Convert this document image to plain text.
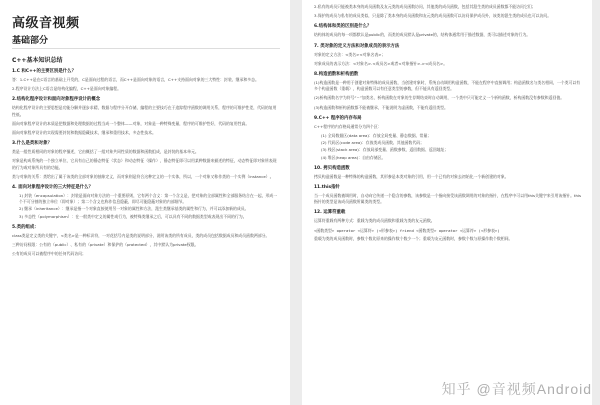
高级音视频
基础部分
C++基本知识总结
1.C 和C++的主要区别是什么？
答：1.C++是在C语言的基础上开发的，C是面向过程的语言，而C++是面向对象的语言，C++支持面向对象的三大特性：封装、继承和多态。
2.程序设计方法上C语言是结构化编程，C++是面向对象编程。
2.结构化程序设计和面向对象程序设计的概念
结构化程序设计的主要思想是功能分解并逐步求精，数据与程序分开存储，编程的主要技巧在于追踪程序函数的调用关系，程序的可维护性差，代码的复用性低。
面向对象程序设计的本质是把数据和处理数据的过程当成一个整体——对象，对象是一种特殊变量，程序的可维护性好，代码的复用性高。
面向对象程序设计的实现需要封装和数据隐藏技术，继承和重用技术，多态性技术。
3.什么是类和对象？
类是一组性质相同的对象的程序描述，它由概括了一组对象共同性质的数据和函数组成，是封装的基本单元。
对象是构成系统的一个独立单位，它具有自己的静态特征（状态）和动态特征（操作），静态特征即可以用某种数据来描述的特征，动态特征即对象所表现的行为或对象所具有的功能。
类与对象的关系：类给出了属于该类的全部对象的抽象定义，而对象则是符合这种定义的一个实体，所以，一个对象又称作类的一个实例（instance）。
4. 面向对象程序设计的三大特征是什么？
1) 封装（encapsulation）：封装是面向对象方法的一个重要原则，它有两个含义：第一个含义是，把对象的全部属性和全部服务结合在一起，形成一个不可分割的独立单位（即对象）；第二个含义也称作信息隐蔽，即尽可能隐蔽对象的内部细节。
2) 继承（inheritance）：继承是指一个对象直接使用另一对象的属性和方法，派生类继承基类的属性和行为，并可以添加新的成员。
3) 多态性（polymorphism）：在一般类中定义的属性或行为，被特殊类继承之后，可以具有不同的数据类型或表现出不同的行为。
5.类的组成：
class类是定义类的关键字，<类名>是一种标识符，一对花括号内是类的说明部分，说明该类的所有成员，类的成员包括数据成员和成员函数两部分。
三种访问权限：公有的（public）、私有的（private）和保护的（protected），其中默认为private权限。
公有的成员可以被程序中的任何代码访问；
2.私有的成员只能被类本身的成员函数及友元类的成员函数访问，其他类的成员函数，包括其派生类的成员函数都不能访问它们；
3.保护的成员与私有的成员类似，只是除了类本身的成员函数和友元类的成员函数可以访问保护成员外，该类的派生类的成员也可以访问。
6.结构体和类的区别是什么？
结构体的成员的每一项都默认是public的，而类的成员默认是private的，结构体通常用于描述数据，类可以描述对象的行为。
7. 类对象的定义方法和对象成员的表示方法
对象的定义方法：<类名><对象名表>；
对象成员的表示方法：<对象名>.<成员名>或者<对象指针>-><成员名>。
8.构造函数和析构函数
(1)构造函数是一种用于创建对象特殊的成员函数，当创建对象时，系统自动调用构造函数，不能在程序中直接调用；构造函数名与类名相同，一个类可以有多个构造函数（重载），构造函数可以有任意类型的参数，但不能具有返回类型。
(2)析构函数名字为符号“~”加类名，析构函数在对象的生存期结束时自动调用，一个类中只可能定义一个析构函数，析构函数没有参数和返回值。
(3)构造函数和析构函数都不能被继承，不能说明为虚函数，不能有返回类型。
9.C++ 程序的内存布局
C++程序的内存格局通常分为四个区：
(1) 全局数据区(data area)：存放全局变量、静态数据、常量；
(2) 代码区(code area)：存放类成员函数、其他函数代码；
(3) 栈区(stack area)：存放局部变量、函数参数、返回数据、返回地址；
(4) 堆区(heap area)：自由存储区。
10. 拷贝构造函数
拷贝构造函数是一种特殊的构造函数，其形参是本类对象的引用，用一个已有的对象去初始化一个新创建的对象。
11.this指针
当一个成员函数被调用时，自动向它传递一个隐含的参数，该参数是一个指向接受该函数调用的对象的指针，在程序中可以用this关键字来引用该指针。this指针的类型是该成员函数所属类的类型。
12. 运算符重载
运算符重载有两种方式：重载为类的成员函数和重载为类的友元函数。
<函数类型> operator <运算符> (<形参表>) friend <函数类型> operator <运算符> (<形参表>)
重载为类的成员函数时，参数个数比原来的操作数个数少一个；重载为友元函数时，参数个数与原操作数个数相同。
知乎 @音视频Android
